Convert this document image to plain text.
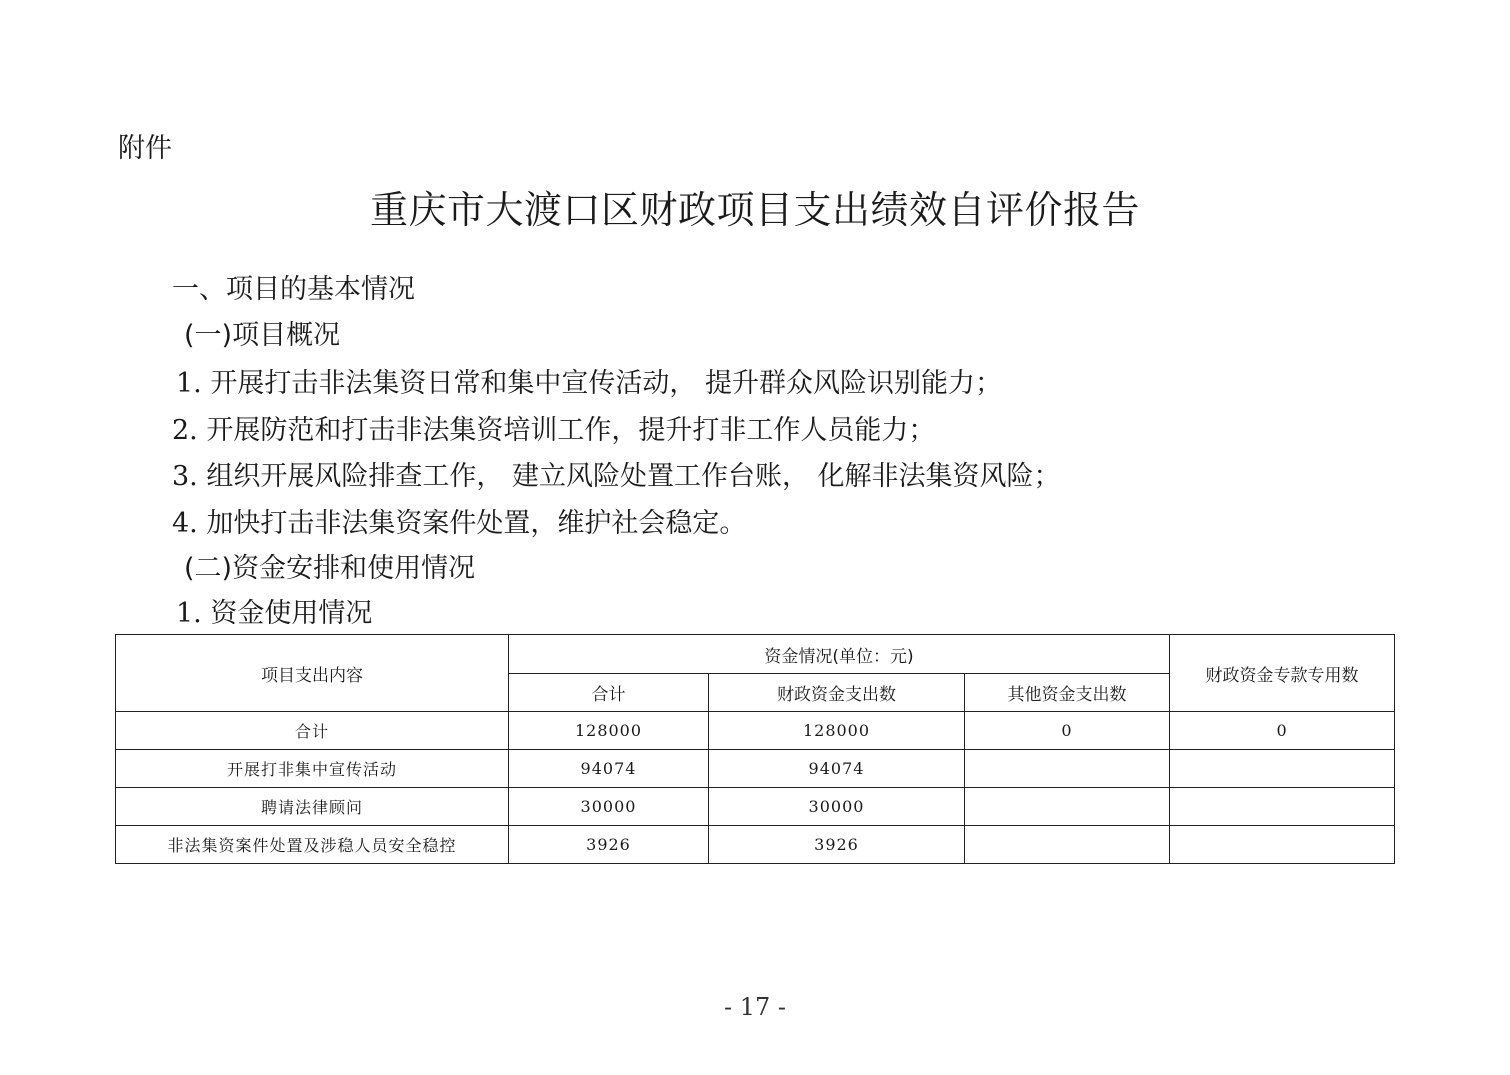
附件
重庆市大渡口区财政项目支出绩效自评价报告
一、项目的基本情况
(一)项目概况
1. 开展打击非法集资日常和集中宣传活动， 提升群众风险识别能力；
2. 开展防范和打击非法集资培训工作，提升打非工作人员能力；
3. 组织开展风险排查工作， 建立风险处置工作台账， 化解非法集资风险；
4. 加快打击非法集资案件处置，维护社会稳定。
(二)资金安排和使用情况
1. 资金使用情况
项目支出内容	资金情况(单位：元)			财政资金专款专用数
	合计	财政资金支出数	其他资金支出数	
合计	128000	128000	0	0
开展打非集中宣传活动	94074	94074		
聘请法律顾问	30000	30000		
非法集资案件处置及涉稳人员安全稳控	3926	3926		
- 17 -
